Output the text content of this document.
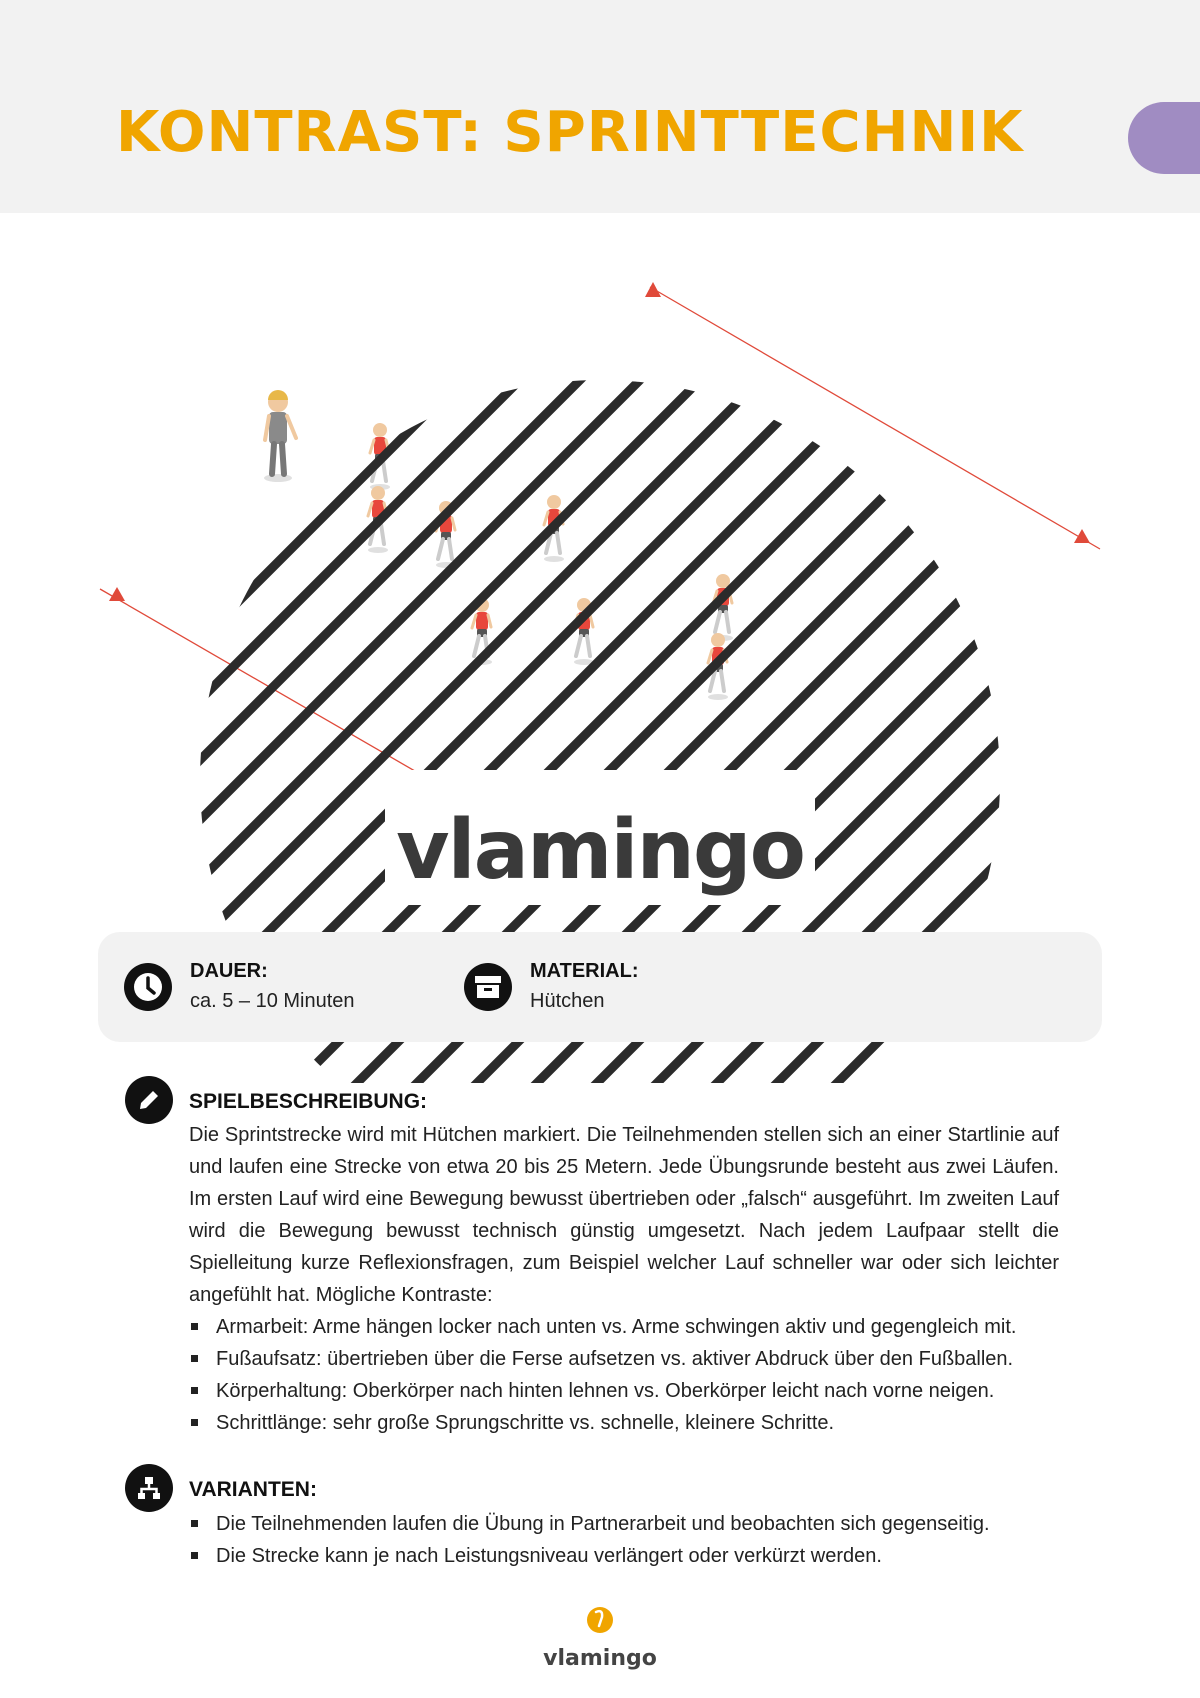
KONTRAST: SPRINTTECHNIK
vlamingo
DAUER:
ca. 5 – 10 Minuten
MATERIAL:
Hütchen
SPIELBESCHREIBUNG:

Die Sprintstrecke wird mit Hütchen markiert. Die Teilnehmenden stellen sich an einer Startlinie auf und laufen eine Strecke von etwa 20 bis 25 Metern. Jede Übungsrunde besteht aus zwei Läufen. Im ersten Lauf wird eine Bewegung bewusst übertrieben oder „falsch“ ausgeführt. Im zweiten Lauf wird die Bewegung bewusst technisch günstig umgesetzt. Nach jedem Laufpaar stellt die Spielleitung kurze Reflexionsfragen, zum Beispiel welcher Lauf schneller war oder sich leichter angefühlt hat. Mögliche Kontraste:

Armarbeit: Arme hängen locker nach unten vs. Arme schwingen aktiv und gegengleich mit.
Fußaufsatz: übertrieben über die Ferse aufsetzen vs. aktiver Abdruck über den Fußballen.
Körperhaltung: Oberkörper nach hinten lehnen vs. Oberkörper leicht nach vorne neigen.
Schrittlänge: sehr große Sprungschritte vs. schnelle, kleinere Schritte.
VARIANTEN:
Die Teilnehmenden laufen die Übung in Partnerarbeit und beobachten sich gegenseitig.
Die Strecke kann je nach Leistungsniveau verlängert oder verkürzt werden.
vlamingo
